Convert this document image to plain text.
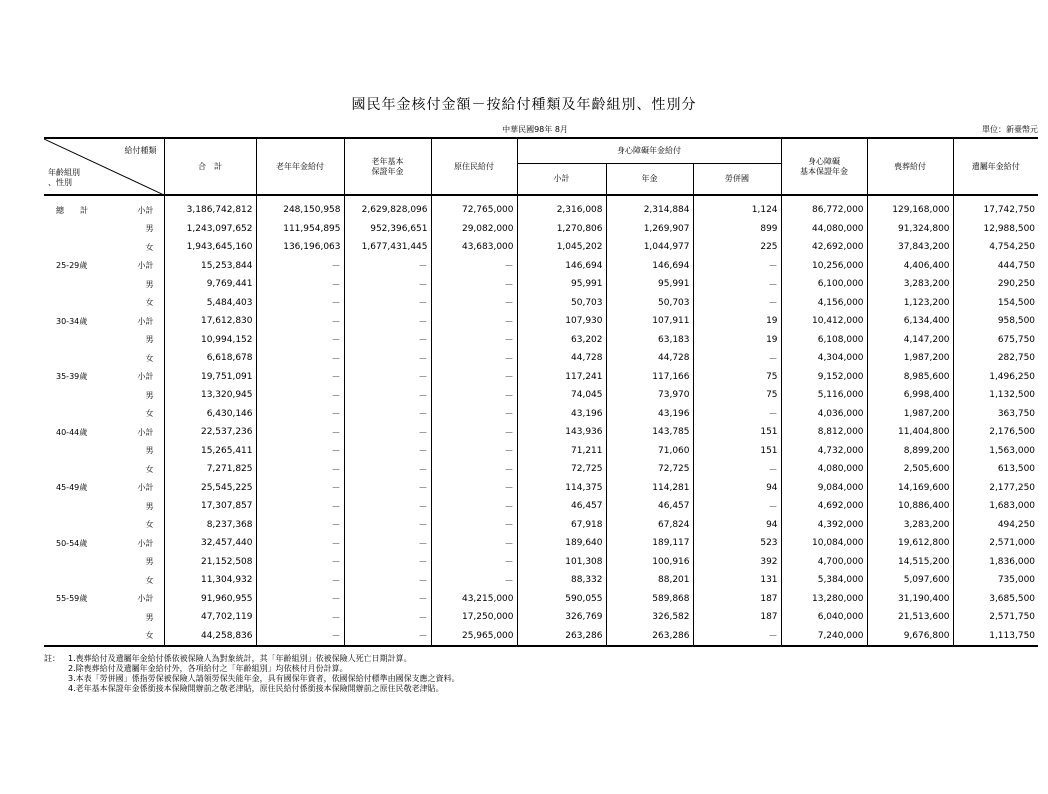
國民年金核付金額－按給付種類及年齡組別、性別分
中華民國98年 8月	單位：新臺幣元
給付種類
年齡組別
、性別		合　計	老年年金給付	老年基本
保證年金	原住民給付	身心障礙年金給付			身心障礙
基本保證年金	喪葬給付	遺屬年金給付
						小計	年金	勞併國			
總　　計	小計	3,186,742,812	248,150,958	2,629,828,096	72,765,000	2,316,008	2,314,884	1,124	86,772,000	129,168,000	17,742,750
	男	1,243,097,652	111,954,895	952,396,651	29,082,000	1,270,806	1,269,907	899	44,080,000	91,324,800	12,988,500
	女	1,943,645,160	136,196,063	1,677,431,445	43,683,000	1,045,202	1,044,977	225	42,692,000	37,843,200	4,754,250
25-29歲	小計	15,253,844	－	－	－	146,694	146,694	－	10,256,000	4,406,400	444,750
	男	9,769,441	－	－	－	95,991	95,991	－	6,100,000	3,283,200	290,250
	女	5,484,403	－	－	－	50,703	50,703	－	4,156,000	1,123,200	154,500
30-34歲	小計	17,612,830	－	－	－	107,930	107,911	19	10,412,000	6,134,400	958,500
	男	10,994,152	－	－	－	63,202	63,183	19	6,108,000	4,147,200	675,750
	女	6,618,678	－	－	－	44,728	44,728	－	4,304,000	1,987,200	282,750
35-39歲	小計	19,751,091	－	－	－	117,241	117,166	75	9,152,000	8,985,600	1,496,250
	男	13,320,945	－	－	－	74,045	73,970	75	5,116,000	6,998,400	1,132,500
	女	6,430,146	－	－	－	43,196	43,196	－	4,036,000	1,987,200	363,750
40-44歲	小計	22,537,236	－	－	－	143,936	143,785	151	8,812,000	11,404,800	2,176,500
	男	15,265,411	－	－	－	71,211	71,060	151	4,732,000	8,899,200	1,563,000
	女	7,271,825	－	－	－	72,725	72,725	－	4,080,000	2,505,600	613,500
45-49歲	小計	25,545,225	－	－	－	114,375	114,281	94	9,084,000	14,169,600	2,177,250
	男	17,307,857	－	－	－	46,457	46,457	－	4,692,000	10,886,400	1,683,000
	女	8,237,368	－	－	－	67,918	67,824	94	4,392,000	3,283,200	494,250
50-54歲	小計	32,457,440	－	－	－	189,640	189,117	523	10,084,000	19,612,800	2,571,000
	男	21,152,508	－	－	－	101,308	100,916	392	4,700,000	14,515,200	1,836,000
	女	11,304,932	－	－	－	88,332	88,201	131	5,384,000	5,097,600	735,000
55-59歲	小計	91,960,955	－	－	43,215,000	590,055	589,868	187	13,280,000	31,190,400	3,685,500
	男	47,702,119	－	－	17,250,000	326,769	326,582	187	6,040,000	21,513,600	2,571,750
	女	44,258,836	－	－	25,965,000	263,286	263,286	－	7,240,000	9,676,800	1,113,750
註：	1.喪葬給付及遺屬年金給付係依被保險人為對象統計，其「年齡組別」依被保險人死亡日期計算。
2.除喪葬給付及遺屬年金給付外，各項給付之「年齡組別」均依核付月份計算。
3.本表「勞併國」係指勞保被保險人請領勞保失能年金，具有國保年資者，依國保給付標準由國保支應之資料。
4.老年基本保證年金係銜接本保險開辦前之敬老津貼，原住民給付係銜接本保險開辦前之原住民敬老津貼。
